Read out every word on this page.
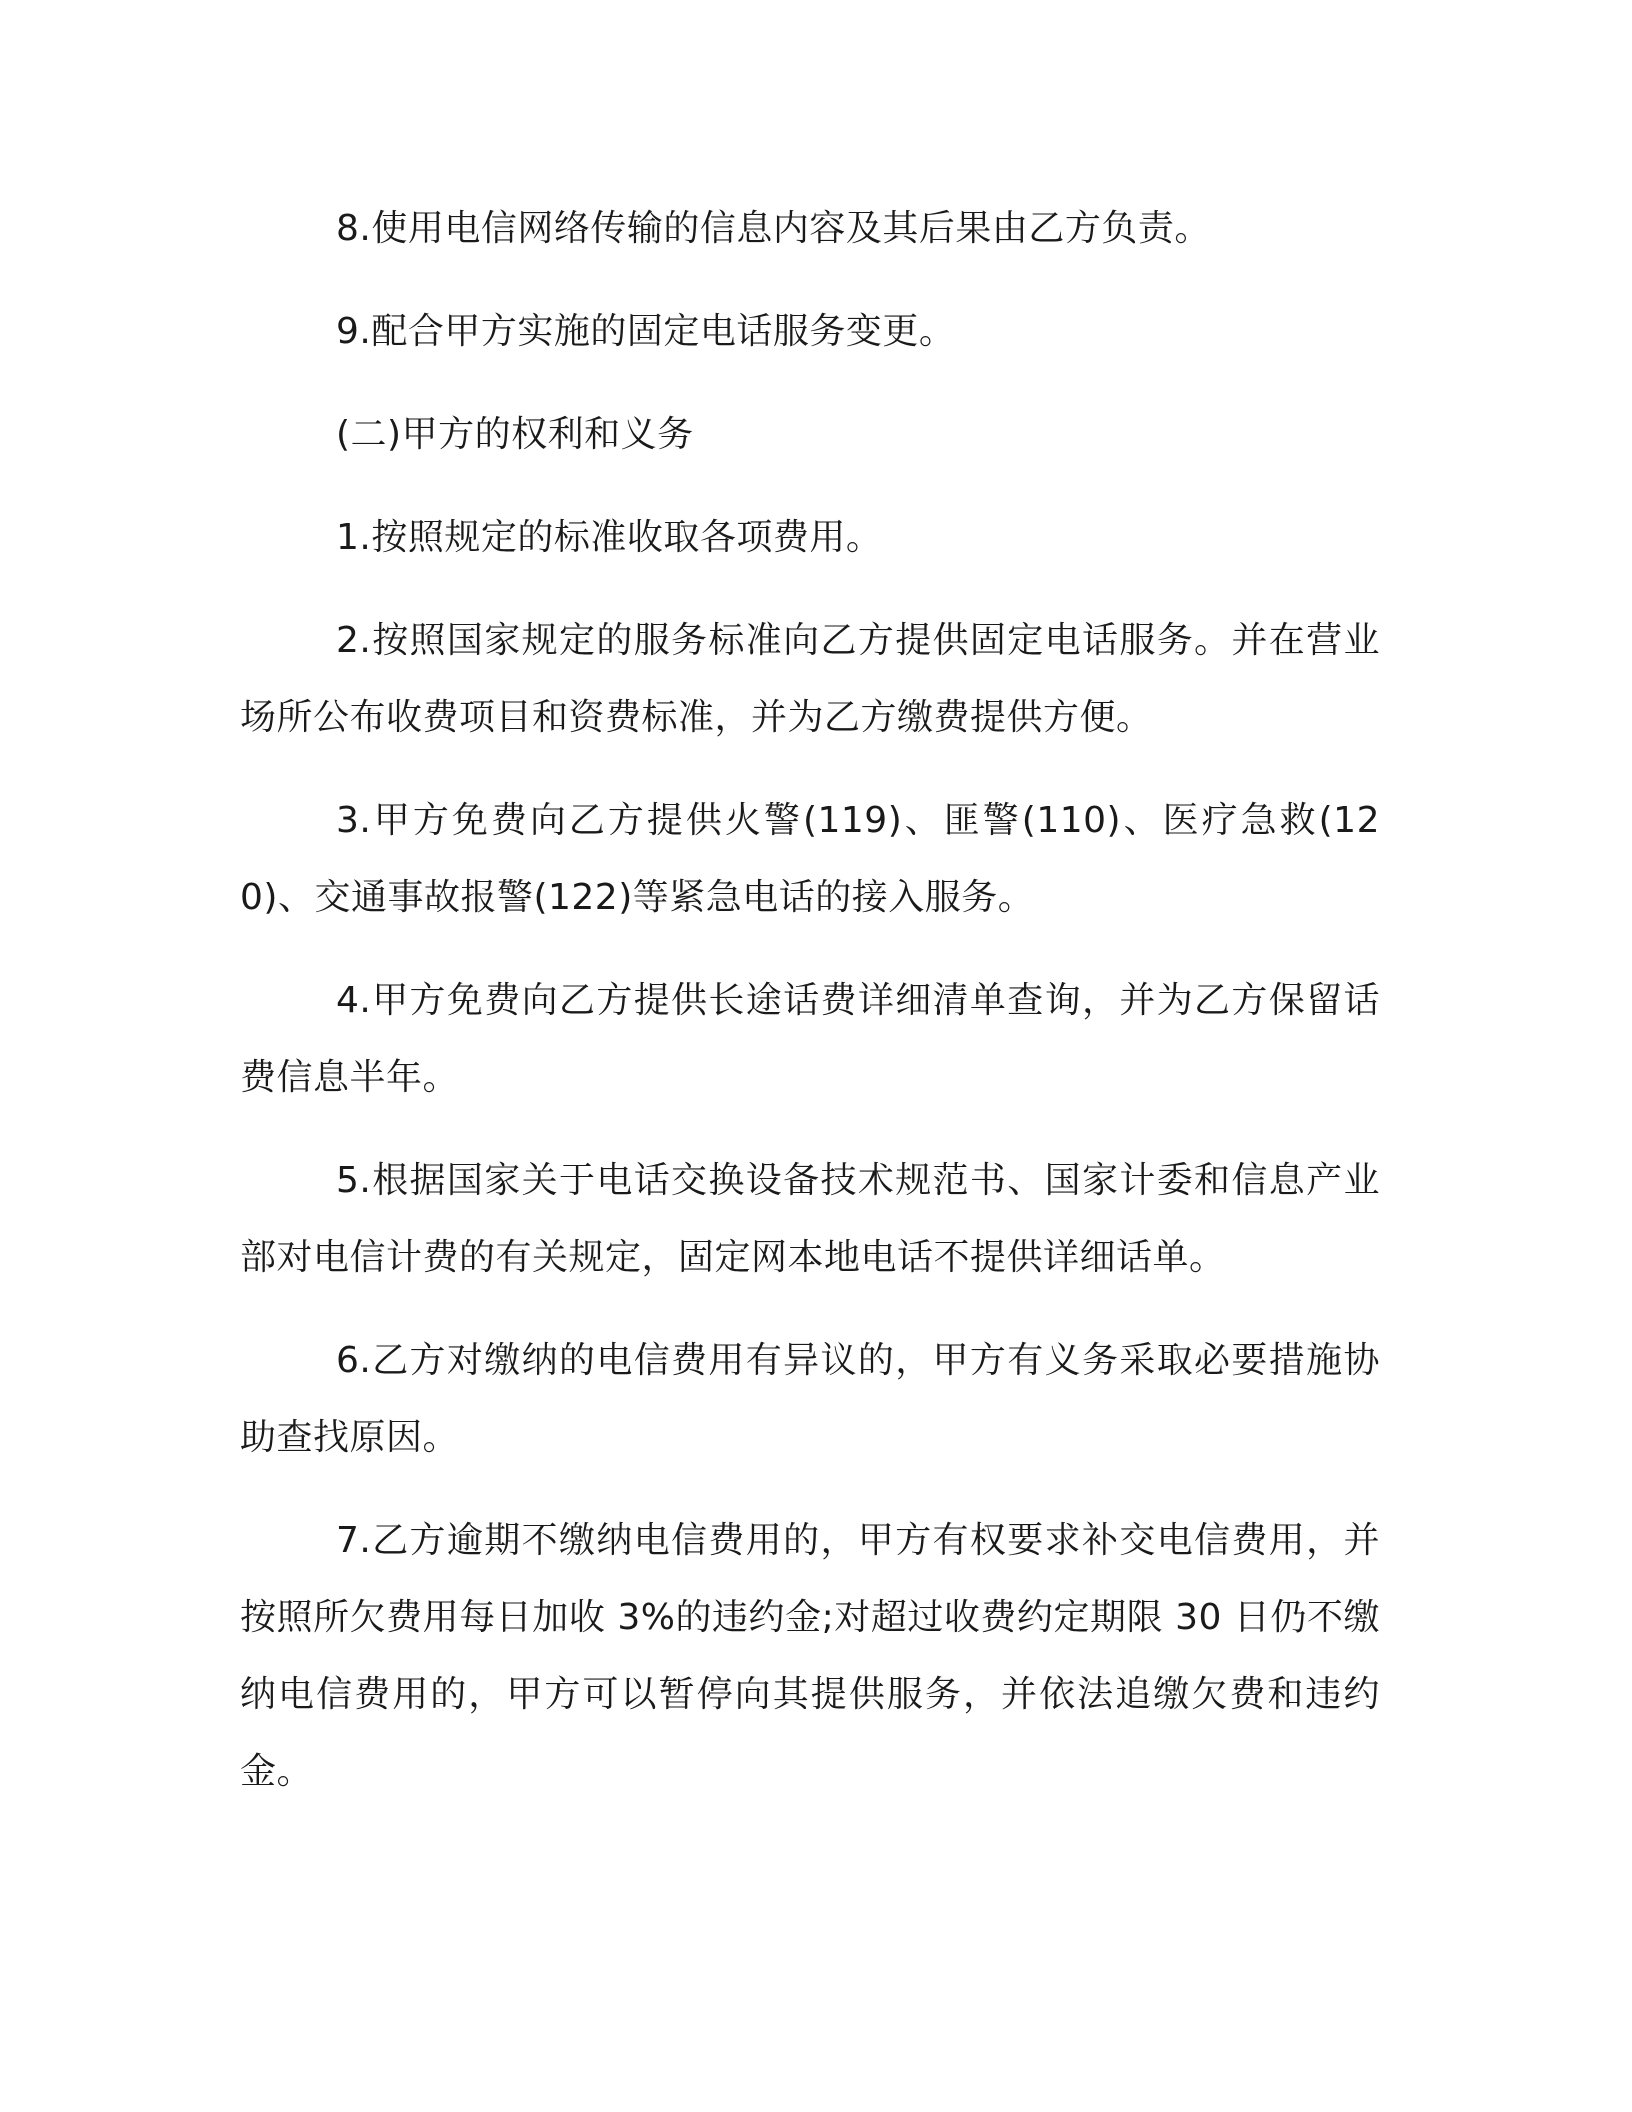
8.使用电信网络传输的信息内容及其后果由乙方负责。

9.配合甲方实施的固定电话服务变更。

(二)甲方的权利和义务

1.按照规定的标准收取各项费用。

2.按照国家规定的服务标准向乙方提供固定电话服务。并在营业场所公布收费项目和资费标准，并为乙方缴费提供方便。

3.甲方免费向乙方提供火警(119)、匪警(110)、医疗急救(120)、交通事故报警(122)等紧急电话的接入服务。

4.甲方免费向乙方提供长途话费详细清单查询，并为乙方保留话费信息半年。

5.根据国家关于电话交换设备技术规范书、国家计委和信息产业部对电信计费的有关规定，固定网本地电话不提供详细话单。

6.乙方对缴纳的电信费用有异议的，甲方有义务采取必要措施协助查找原因。

7.乙方逾期不缴纳电信费用的，甲方有权要求补交电信费用，并按照所欠费用每日加收 3%的违约金;对超过收费约定期限 30 日仍不缴纳电信费用的，甲方可以暂停向其提供服务，并依法追缴欠费和违约金。
